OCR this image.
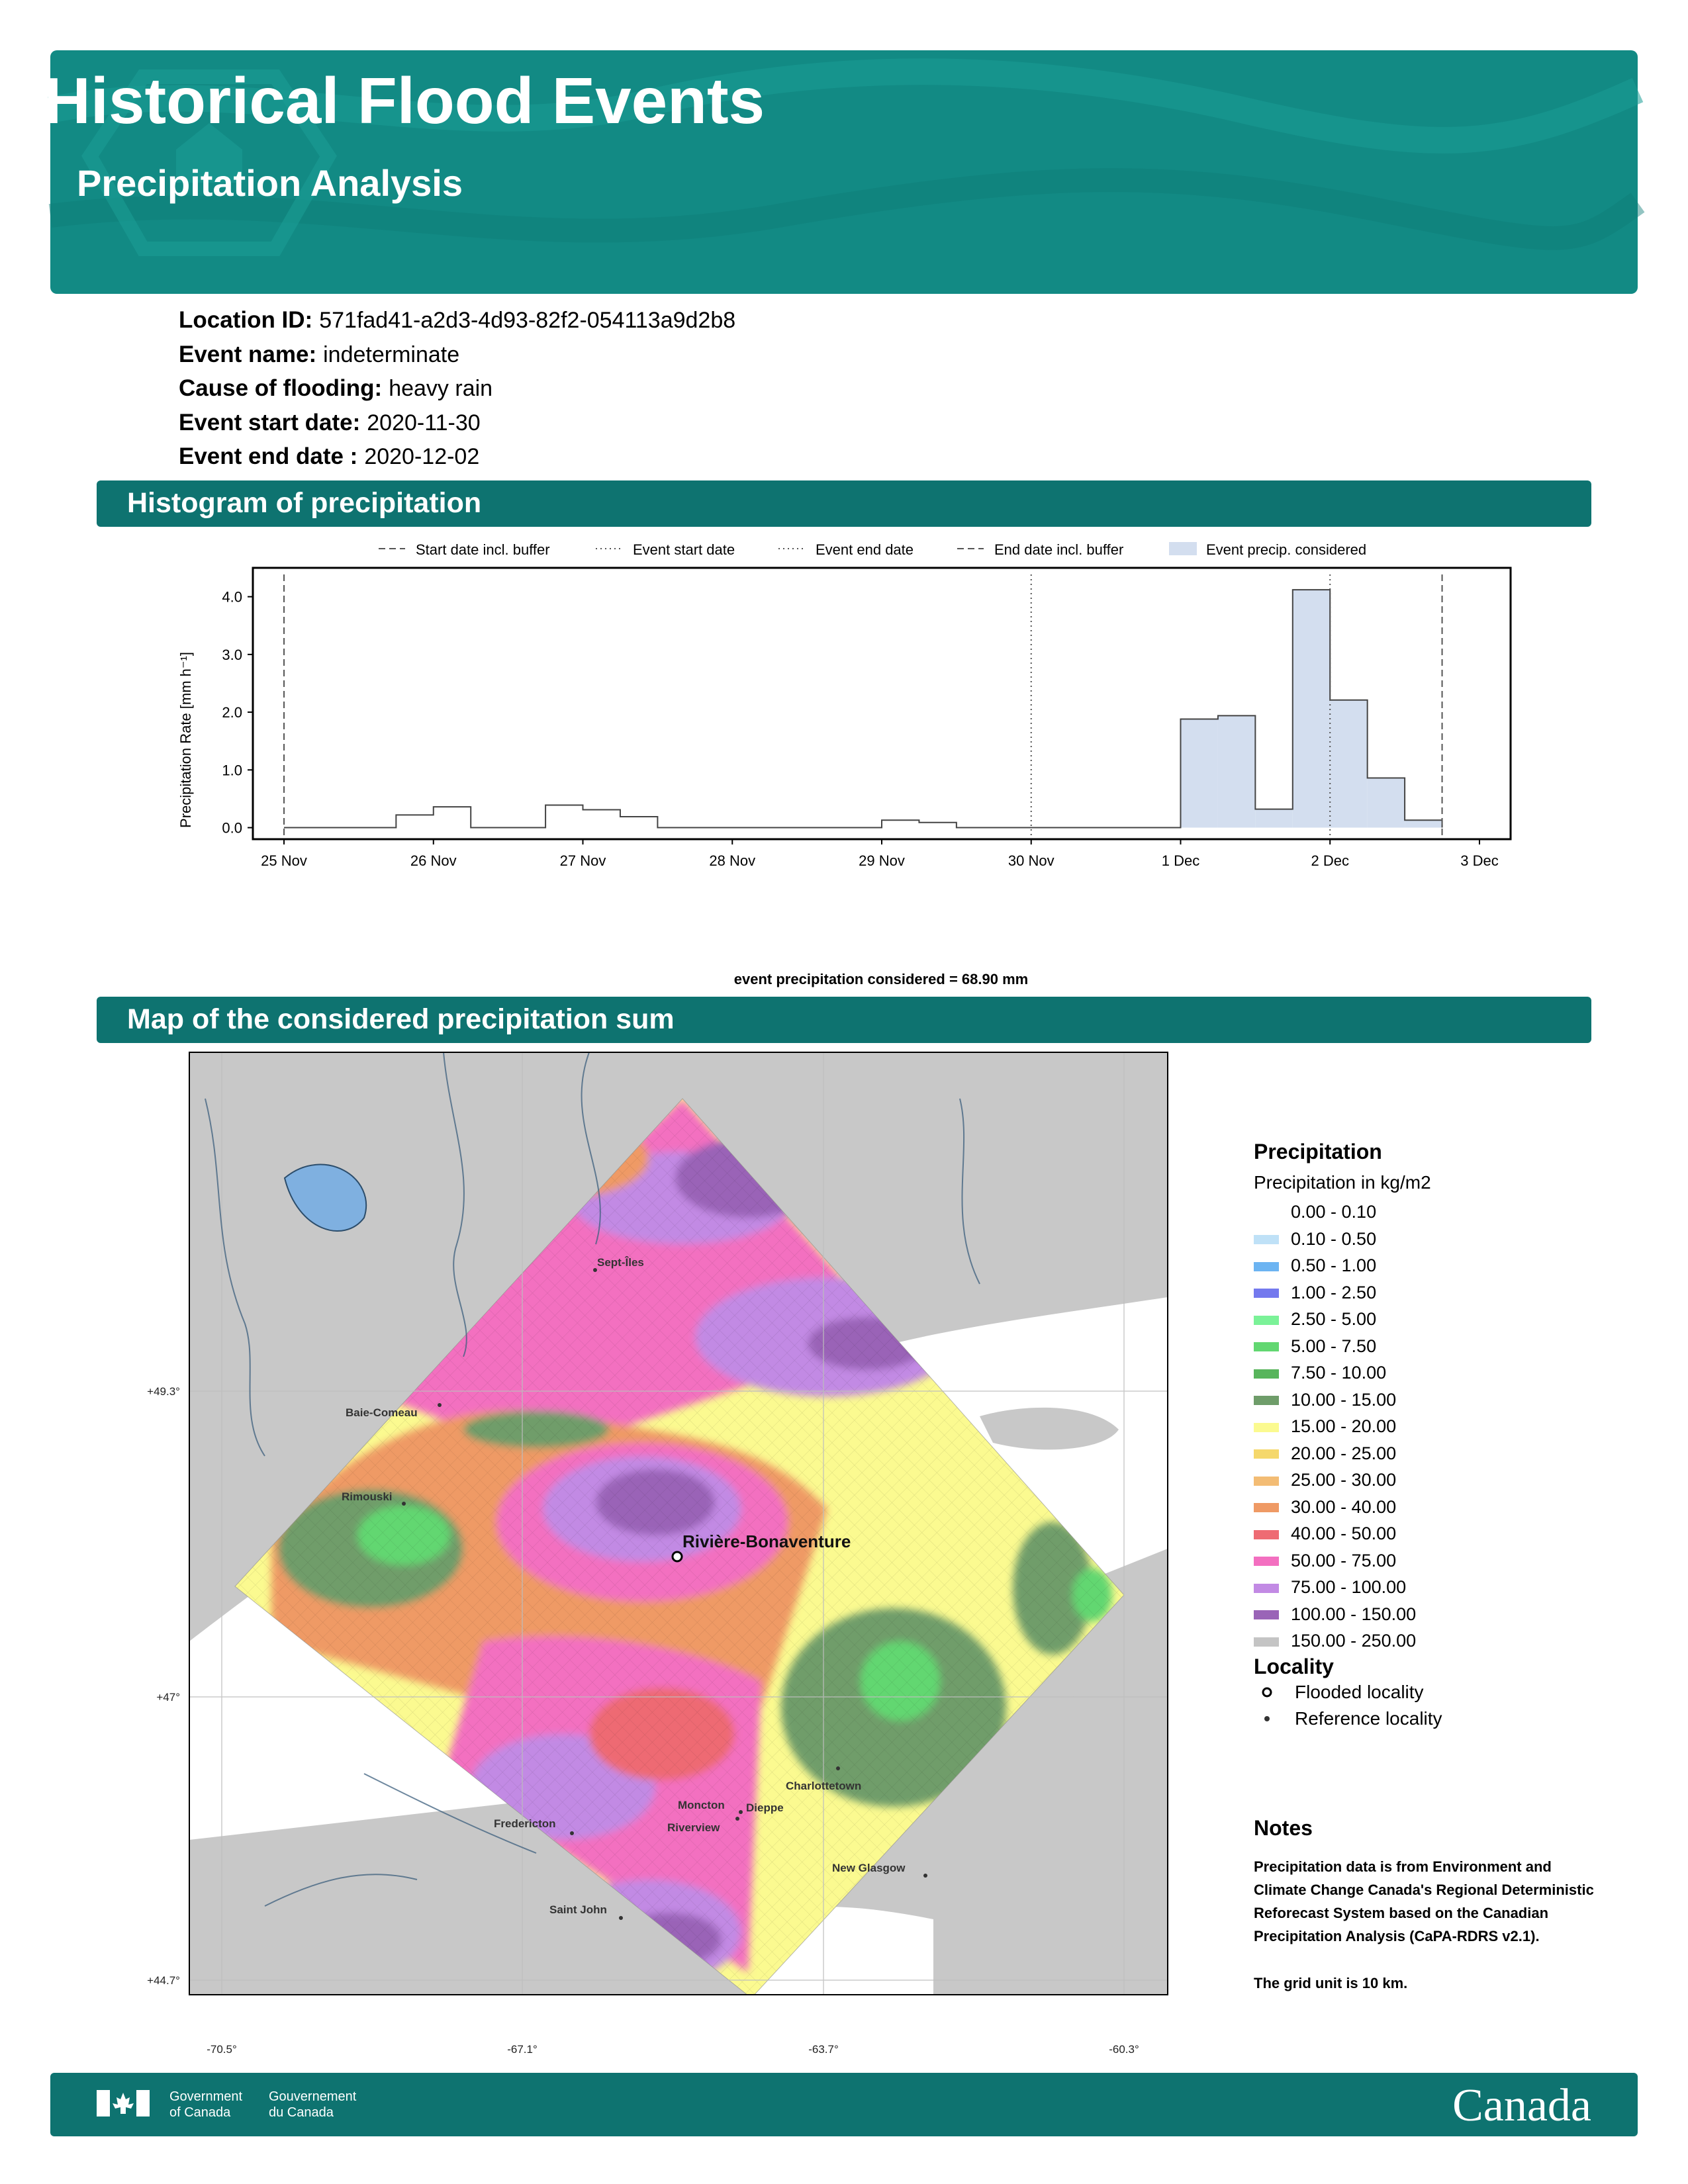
Historical Flood Events
Precipitation Analysis
Location ID: 571fad41-a2d3-4d93-82f2-054113a9d2b8
Event name: indeterminate
Cause of flooding: heavy rain
Event start date: 2020-11-30
Event end date : 2020-12-02
Histogram of precipitation
Start date incl. buffer	Event start date	Event end date	End date incl. buffer	Event precip. considered
0.0
1.0
2.0
3.0
4.0
25 Nov	26 Nov	27 Nov	28 Nov	29 Nov	30 Nov	1 Dec	2 Dec	3 Dec
Precipitation Rate [mm h⁻¹]
event precipitation considered = 68.90 mm
Map of the considered precipitation sum
Sept-Îles
Baie-Comeau
Rimouski
Charlottetown
Moncton Dieppe
Riverview
Fredericton
New Glasgow
Saint John
Rivière-Bonaventure
-70.5°	-67.1°	-63.7°	-60.3°
+49.3°
+47°
+44.7°
Precipitation
Precipitation in kg/m2
0.00 - 0.10
0.10 - 0.50
0.50 - 1.00
1.00 - 2.50
2.50 - 5.00
5.00 - 7.50
7.50 - 10.00
10.00 - 15.00
15.00 - 20.00
20.00 - 25.00
25.00 - 30.00
30.00 - 40.00
40.00 - 50.00
50.00 - 75.00
75.00 - 100.00
100.00 - 150.00
150.00 - 250.00
Locality
Flooded locality
Reference locality
Notes

Precipitation data is from Environment and Climate Change Canada's Regional Deterministic Reforecast System based on the Canadian Precipitation Analysis (CaPA-RDRS v2.1).

The grid unit is 10 km.

Government
of Canada
Gouvernement
du Canada	Canada
